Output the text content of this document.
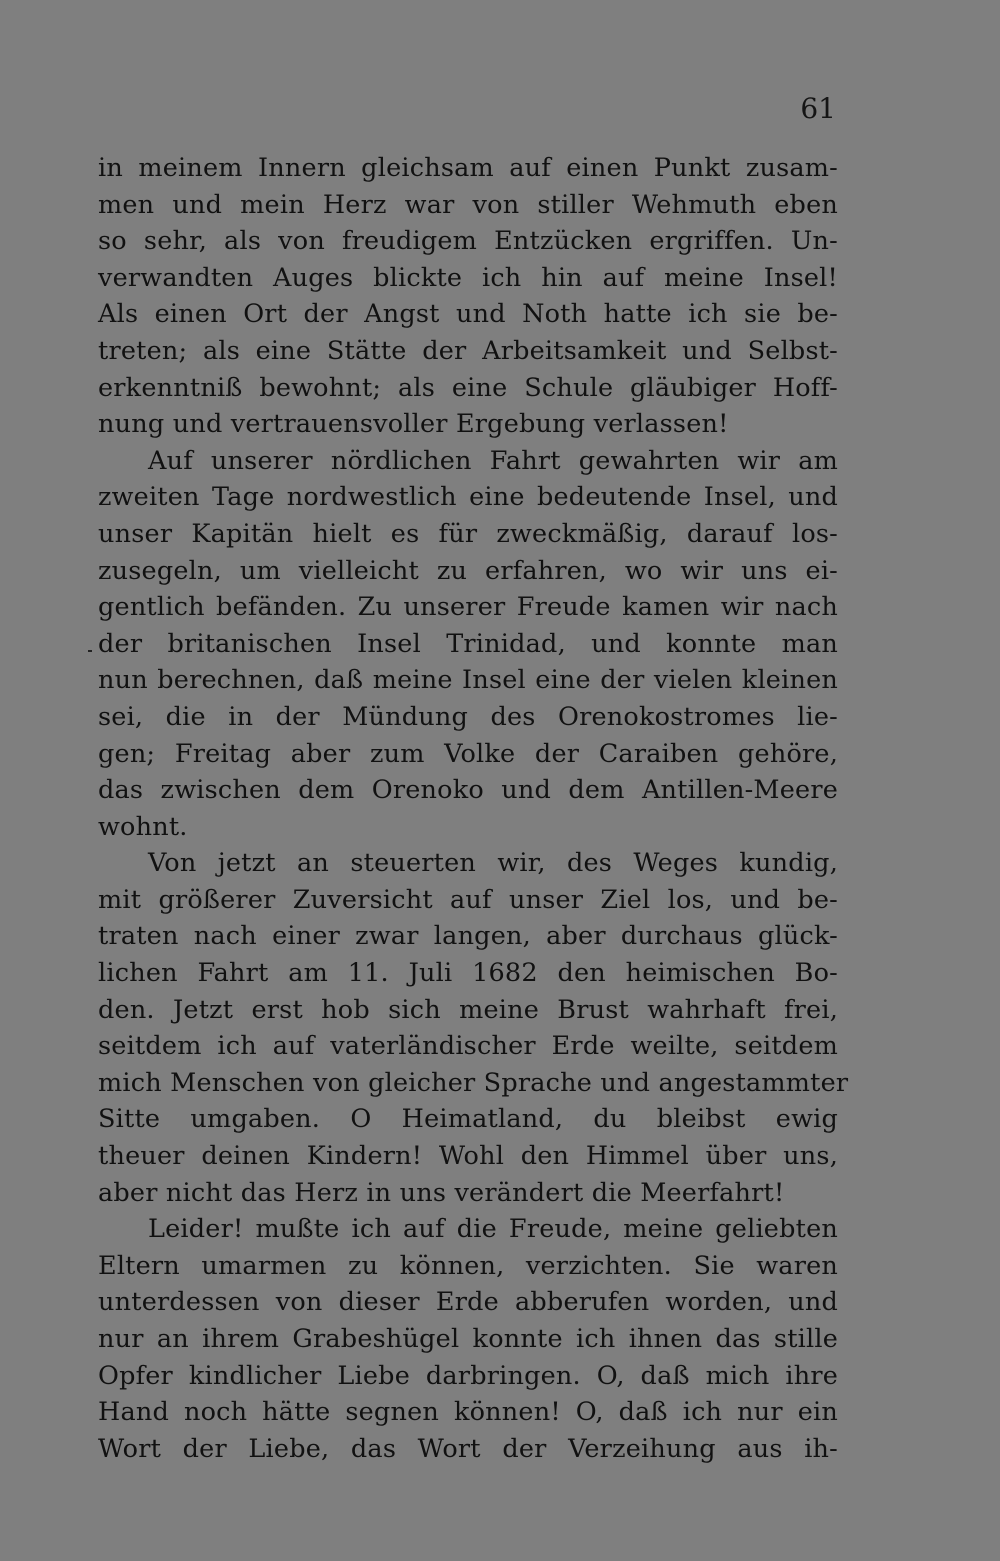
61
in meinem Innern gleichsam auf einen Punkt zusam-
men und mein Herz war von stiller Wehmuth eben
so sehr, als von freudigem Entzücken ergriffen. Un-
verwandten Auges blickte ich hin auf meine Insel!
Als einen Ort der Angst und Noth hatte ich sie be-
treten; als eine Stätte der Arbeitsamkeit und Selbst-
erkenntniß bewohnt; als eine Schule gläubiger Hoff-
nung und vertrauensvoller Ergebung verlassen!
Auf unserer nördlichen Fahrt gewahrten wir am
zweiten Tage nordwestlich eine bedeutende Insel, und
unser Kapitän hielt es für zweckmäßig, darauf los-
zusegeln, um vielleicht zu erfahren, wo wir uns ei-
gentlich befänden. Zu unserer Freude kamen wir nach
der britanischen Insel Trinidad, und konnte man
nun berechnen, daß meine Insel eine der vielen kleinen
sei, die in der Mündung des Orenokostromes lie-
gen; Freitag aber zum Volke der Caraiben gehöre,
das zwischen dem Orenoko und dem Antillen-Meere
wohnt.
Von jetzt an steuerten wir, des Weges kundig,
mit größerer Zuversicht auf unser Ziel los, und be-
traten nach einer zwar langen, aber durchaus glück-
lichen Fahrt am 11. Juli 1682 den heimischen Bo-
den. Jetzt erst hob sich meine Brust wahrhaft frei,
seitdem ich auf vaterländischer Erde weilte, seitdem
mich Menschen von gleicher Sprache und angestammter
Sitte umgaben. O Heimatland, du bleibst ewig
theuer deinen Kindern! Wohl den Himmel über uns,
aber nicht das Herz in uns verändert die Meerfahrt!
Leider! mußte ich auf die Freude, meine geliebten
Eltern umarmen zu können, verzichten. Sie waren
unterdessen von dieser Erde abberufen worden, und
nur an ihrem Grabeshügel konnte ich ihnen das stille
Opfer kindlicher Liebe darbringen. O, daß mich ihre
Hand noch hätte segnen können! O, daß ich nur ein
Wort der Liebe, das Wort der Verzeihung aus ih-
